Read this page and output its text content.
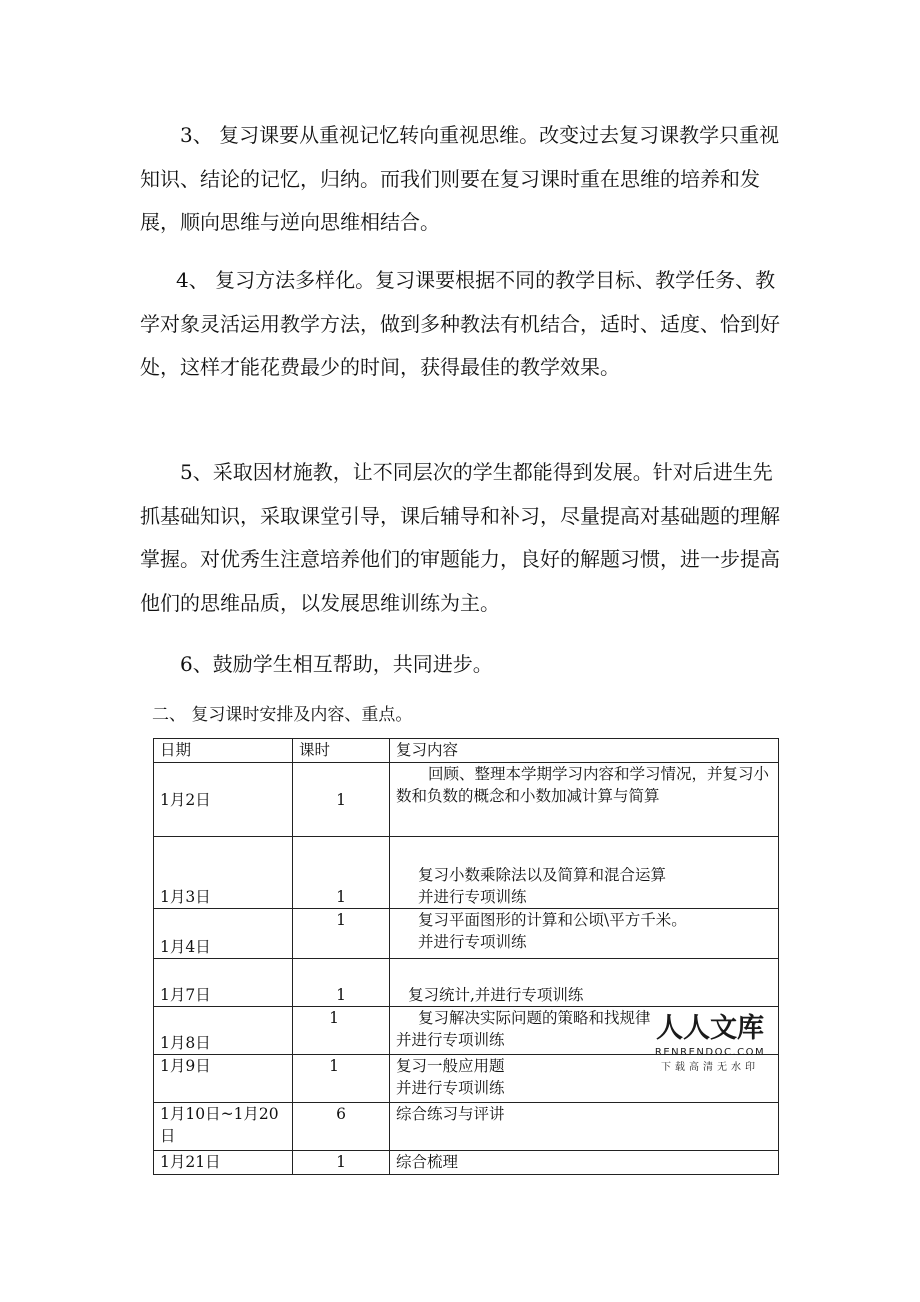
3、 复习课要从重视记忆转向重视思维。改变过去复习课教学只重视知识、结论的记忆，归纳。而我们则要在复习课时重在思维的培养和发展，顺向思维与逆向思维相结合。

4、 复习方法多样化。复习课要根据不同的教学目标、教学任务、教学对象灵活运用教学方法，做到多种教法有机结合，适时、适度、恰到好处，这样才能花费最少的时间，获得最佳的教学效果。

5、采取因材施教，让不同层次的学生都能得到发展。针对后进生先抓基础知识，采取课堂引导，课后辅导和补习，尽量提高对基础题的理解掌握。对优秀生注意培养他们的审题能力，良好的解题习惯，进一步提高他们的思维品质，以发展思维训练为主。

6、鼓励学生相互帮助，共同进步。

二、 复习课时安排及内容、重点。

日期	课时	复习内容
1月2日	1	回顾、整理本学期学习内容和学习情况，并复习小数和负数的概念和小数加减计算与简算
1月3日	1	复习小数乘除法以及简算和混合运算
并进行专项训练
1月4日	1	复习平面图形的计算和公顷\平方千米。
并进行专项训练
1月7日	1	复习统计,并进行专项训练
1月8日	1	复习解决实际问题的策略和找规律
并进行专项训练
1月9日	1	复习一般应用题
并进行专项训练
1月10日~1月20日	6	综合练习与评讲
1月21日	1	综合梳理
人人文库
RENRENDOC.COM
下载高清无水印
